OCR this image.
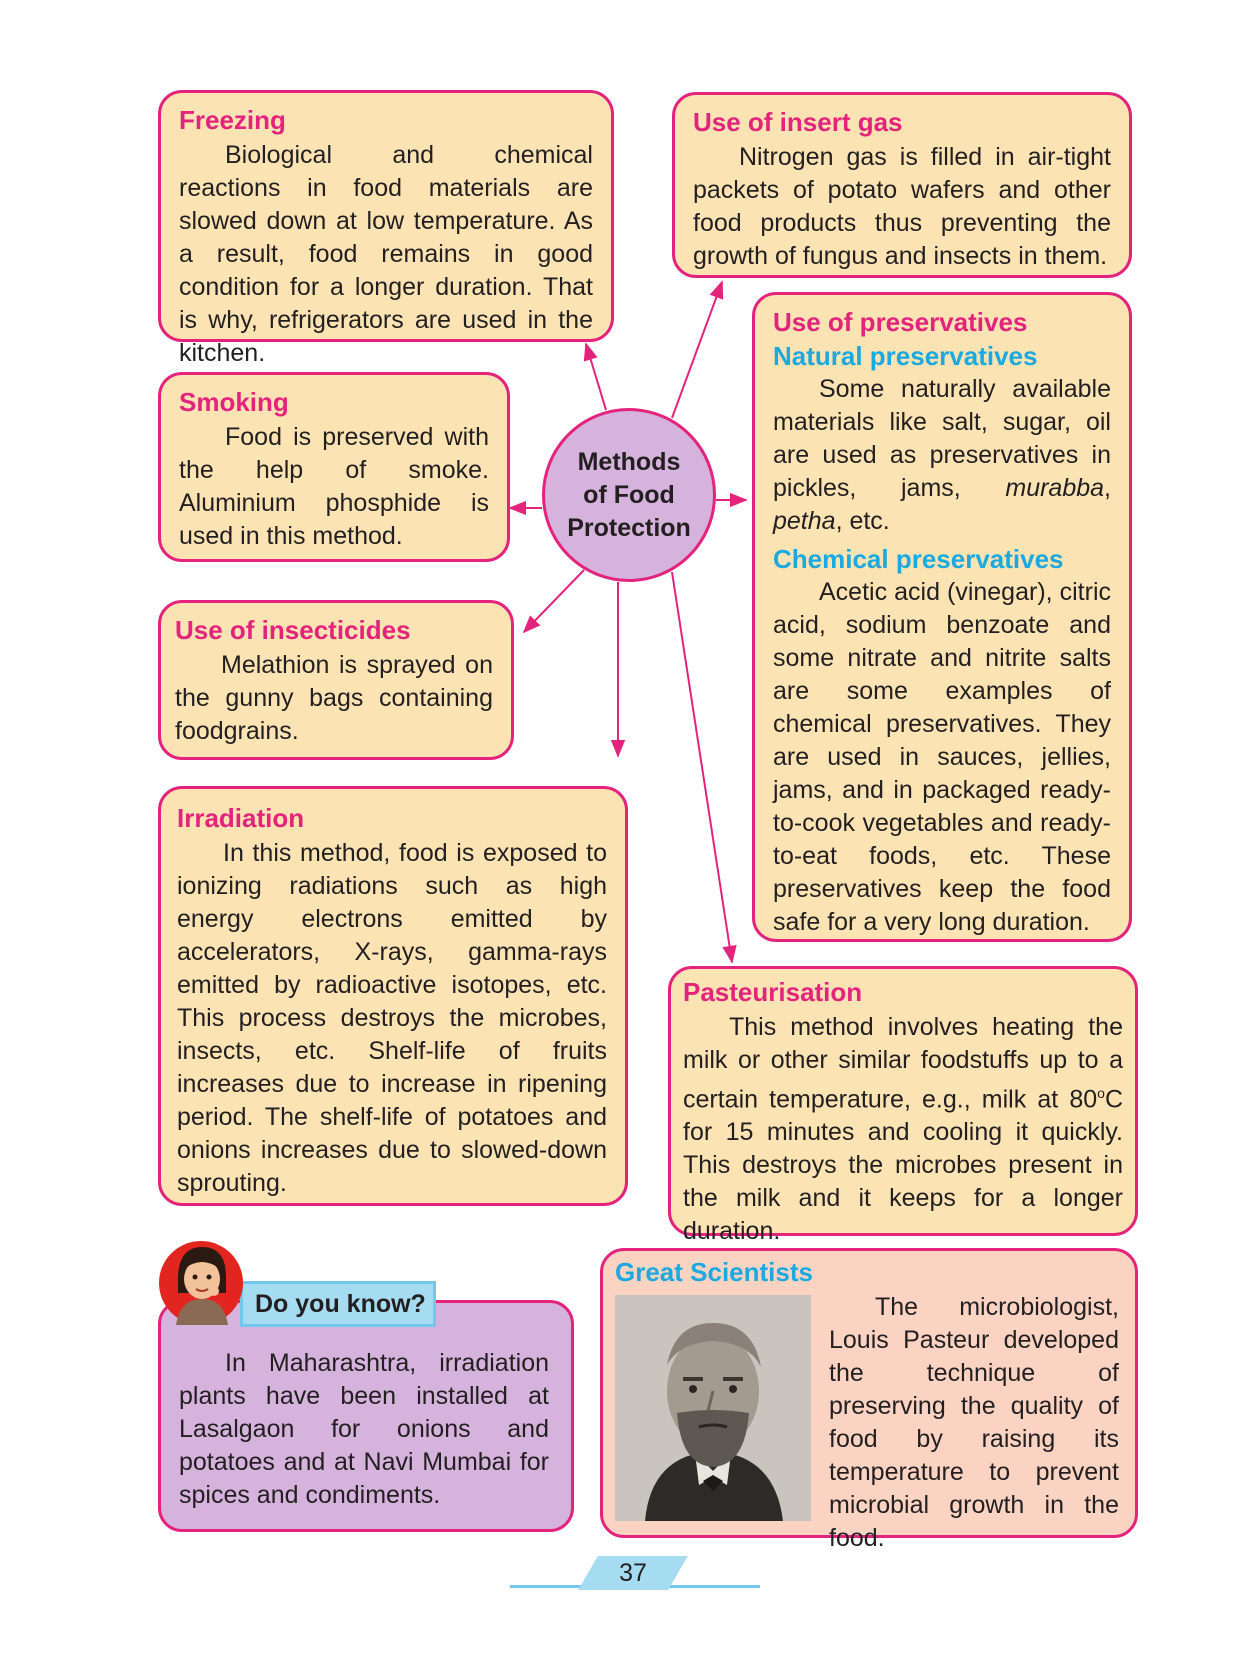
Freezing

Biological and chemical reactions in food materials are slowed down at low temperature. As a result, food remains in good condition for a longer duration. That is why, refrigerators are used in the kitchen.

Use of insert gas

Nitrogen gas is filled in air-tight packets of potato wafers and other food products thus preventing the growth of fungus and insects in them.

Smoking

Food is preserved with the help of smoke. Aluminium phosphide is used in this method.

Methods
of Food
Protection
Use of preservatives
Natural preservatives

Some naturally available materials like salt, sugar, oil are used as preservatives in pickles, jams, murabba, petha, etc.

Chemical preservatives

Acetic acid (vinegar), citric acid, sodium benzoate and some nitrate and nitrite salts are some examples of chemical preservatives. They are used in sauces, jellies, jams, and in packaged ready-to-cook vegetables and ready-to-eat foods, etc. These preservatives keep the food safe for a very long duration.

Use of insecticides

Melathion is sprayed on the gunny bags containing foodgrains.

Irradiation

In this method, food is exposed to ionizing radiations such as high energy electrons emitted by accelerators, X-rays, gamma-rays emitted by radioactive isotopes, etc. This process destroys the microbes, insects, etc. Shelf-life of fruits increases due to increase in ripening period. The shelf-life of potatoes and onions increases due to slowed-down sprouting.

Pasteurisation

This method involves heating the milk or other similar foodstuffs up to a certain temperature, e.g., milk at 80$^o$C for 15 minutes and cooling it quickly. This destroys the microbes present in the milk and it keeps for a longer duration.

In Maharashtra, irradiation plants have been installed at Lasalgaon for onions and potatoes and at Navi Mumbai for spices and condiments.

Do you know?
Great Scientists

The microbiologist, Louis Pasteur developed the technique of preserving the quality of food by raising its temperature to prevent microbial growth in the food.

37
